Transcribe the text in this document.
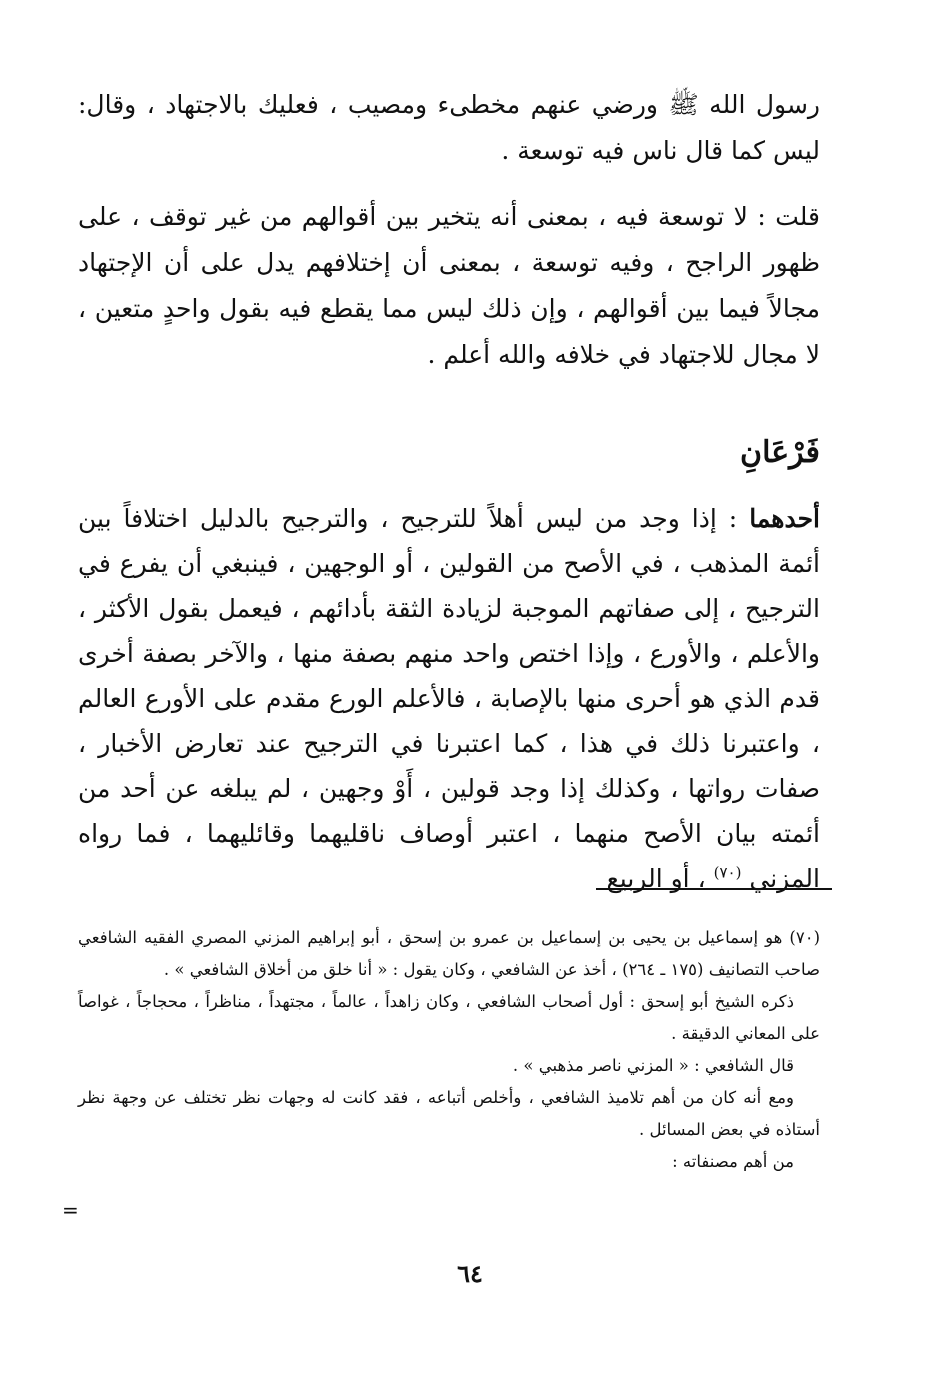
رسول الله ﷺ ورضي عنهم مخطىء ومصيب ، فعليك بالاجتهاد ، وقال: ليس كما قال ناس فيه توسعة .

قلت : لا توسعة فيه ، بمعنى أنه يتخير بين أقوالهم من غير توقف ، على ظهور الراجح ، وفيه توسعة ، بمعنى أن إختلافهم يدل على أن الإجتهاد مجالاً فيما بين أقوالهم ، وإن ذلك ليس مما يقطع فيه بقول واحدٍ متعين ، لا مجال للاجتهاد في خلافه والله أعلم .

فَرْعَانِ

أحدهما : إذا وجد من ليس أهلاً للترجيح ، والترجيح بالدليل اختلافاً بين أئمة المذهب ، في الأصح من القولين ، أو الوجهين ، فينبغي أن يفرع في الترجيح ، إلى صفاتهم الموجبة لزيادة الثقة بأدائهم ، فيعمل بقول الأكثر ، والأعلم ، والأورع ، وإذا اختص واحد منهم بصفة منها ، والآخر بصفة أخرى قدم الذي هو أحرى منها بالإصابة ، فالأعلم الورع مقدم على الأورع العالم ، واعتبرنا ذلك في هذا ، كما اعتبرنا في الترجيح عند تعارض الأخبار ، صفات رواتها ، وكذلك إذا وجد قولين ، أَوْ وجهين ، لم يبلغه عن أحد من أئمته بيان الأصح منهما ، اعتبر أوصاف ناقليهما وقائليهما ، فما رواه المزني $^{(٧٠)}$ ، أو الربيع

(٧٠) هو إسماعيل بن يحيى بن إسماعيل بن عمرو بن إسحق ، أبو إبراهيم المزني المصري الفقيه الشافعي صاحب التصانيف (١٧٥ ـ ٢٦٤) ، أخذ عن الشافعي ، وكان يقول : « أنا خلق من أخلاق الشافعي » .

ذكره الشيخ أبو إسحق : أول أصحاب الشافعي ، وكان زاهداً ، عالماً ، مجتهداً ، مناظراً ، محجاجاً ، غواصاً على المعاني الدقيقة .

قال الشافعي : « المزني ناصر مذهبي » .

ومع أنه كان من أهم تلاميذ الشافعي ، وأخلص أتباعه ، فقد كانت له وجهات نظر تختلف عن وجهة نظر أستاذه في بعض المسائل .

من أهم مصنفاته :

=
٦٤
